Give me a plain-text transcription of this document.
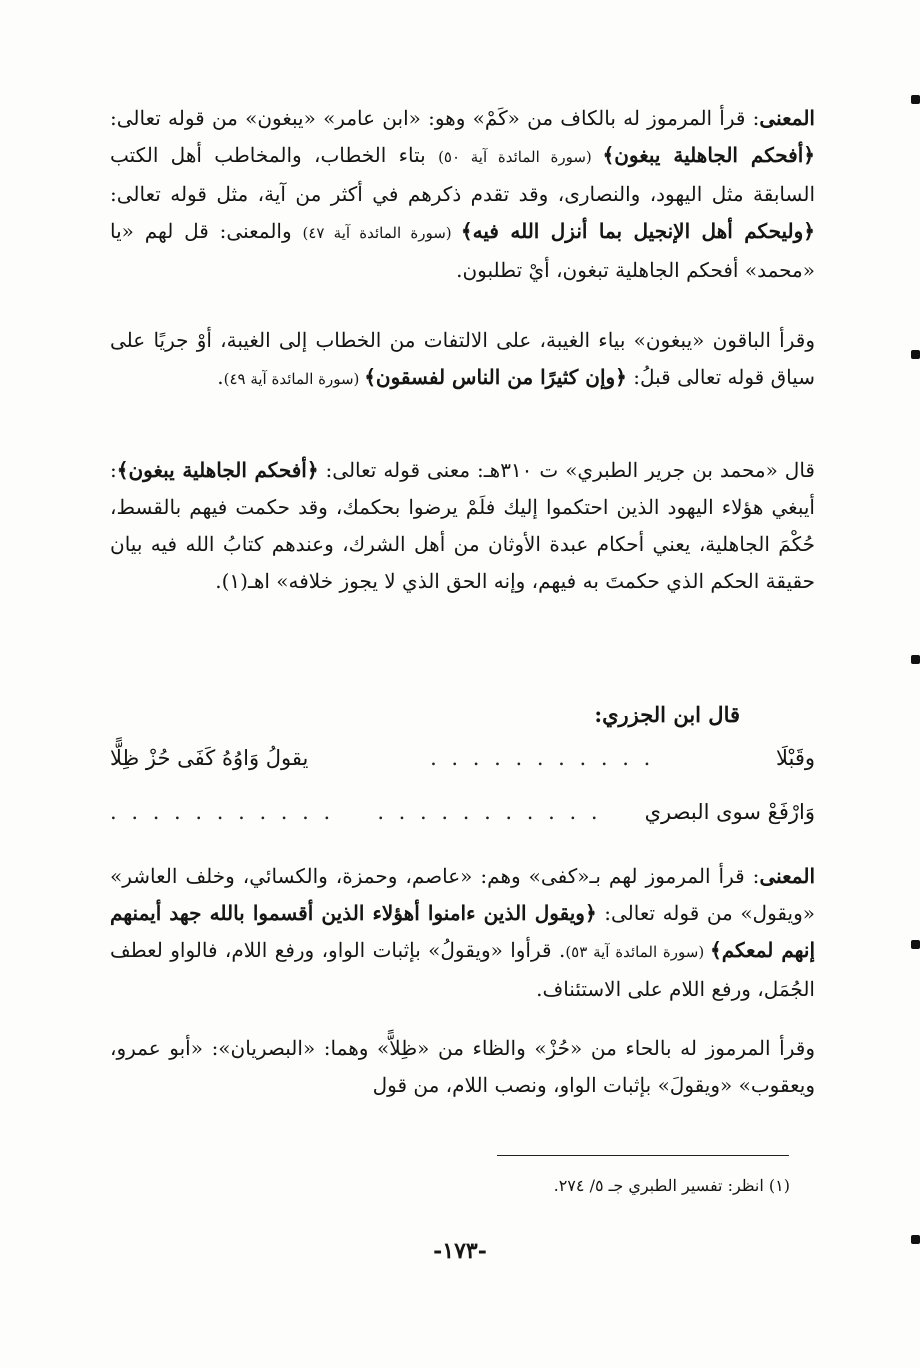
المعنى: قرأ المرموز له بالكاف من «كَمْ» وهو: «ابن عامر» «يبغون» من قوله تعالى: ﴿أفحكم الجاهلية يبغون﴾ (سورة المائدة آية ٥٠) بتاء الخطاب، والمخاطب أهل الكتب السابقة مثل اليهود، والنصارى، وقد تقدم ذكرهم في أكثر من آية، مثل قوله تعالى: ﴿وليحكم أهل الإنجيل بما أنزل الله فيه﴾ (سورة المائدة آية ٤٧) والمعنى: قل لهم «يا «محمد» أفحكم الجاهلية تبغون، أيْ تطلبون.
وقرأ الباقون «يبغون» بياء الغيبة، على الالتفات من الخطاب إلى الغيبة، أوْ جريًا على سياق قوله تعالى قبلُ: ﴿وإن كثيرًا من الناس لفسقون﴾ (سورة المائدة آية ٤٩).
قال «محمد بن جرير الطبري» ت ٣١٠هـ: معنى قوله تعالى: ﴿أفحكم الجاهلية يبغون﴾: أيبغي هؤلاء اليهود الذين احتكموا إليك فلَمْ يرضوا بحكمك، وقد حكمت فيهم بالقسط، حُكْمَ الجاهلية، يعني أحكام عبدة الأوثان من أهل الشرك، وعندهم كتابُ الله فيه بيان حقيقة الحكم الذي حكمتَ به فيهم، وإنه الحق الذي لا يجوز خلافه» اهـ(١).
قال ابن الجزري:
وقَبْلَا
. . . . . . . . . . .
يقولُ وَاوُهُ كَفَى حُزْ ظِلًّا
وَارْفَعْ سوى البصري
. . . . . . . . . . .
. . . . . . . . . . .
المعنى: قرأ المرموز لهم بـ«كفى» وهم: «عاصم، وحمزة، والكسائي، وخلف العاشر» «ويقول» من قوله تعالى: ﴿ويقول الذين ءامنوا أهؤلاء الذين أقسموا بالله جهد أيمنهم إنهم لمعكم﴾ (سورة المائدة آية ٥٣). قرأوا «ويقولُ» بإثبات الواو، ورفع اللام، فالواو لعطف الجُمَل، ورفع اللام على الاستئناف.
وقرأ المرموز له بالحاء من «حُزْ» والظاء من «ظِلاًّ» وهما: «البصريان»: «أبو عمرو، ويعقوب» «ويقولَ» بإثبات الواو، ونصب اللام، من قول
(١) انظر: تفسير الطبري جـ ٥/ ٢٧٤.
-١٧٣-
